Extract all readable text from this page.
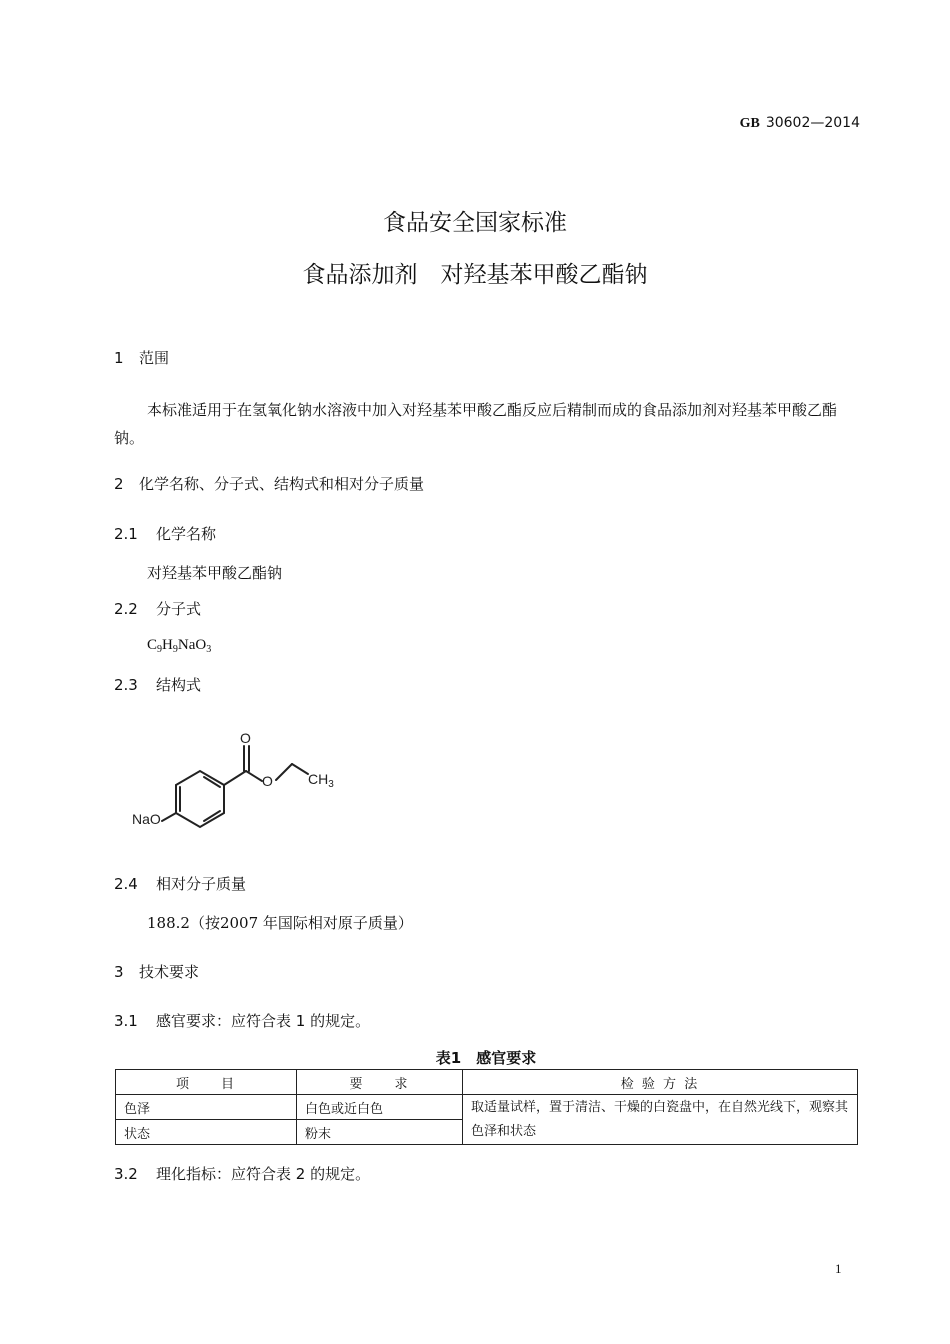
GB 30602—2014
食品安全国家标准
食品添加剂　对羟基苯甲酸乙酯钠
1 范围
本标准适用于在氢氧化钠水溶液中加入对羟基苯甲酸乙酯反应后精制而成的食品添加剂对羟基苯甲酸乙酯钠。
2 化学名称、分子式、结构式和相对分子质量
2.1 化学名称
对羟基苯甲酸乙酯钠
2.2 分子式
$C_9H_9NaO_3$
2.3 结构式
O
O	$CH_3$
NaO
2.4 相对分子质量
188.2（按2007 年国际相对原子质量）
3 技术要求
3.1 感官要求：应符合表 1 的规定。
表1　感官要求
项　　目	要　　求	检 验 方 法
色泽	白色或近白色	取适量试样，置于清洁、干燥的白瓷盘中，在自然光线下，观察其色泽和状态
状态	粉末	
3.2 理化指标：应符合表 2 的规定。
1
